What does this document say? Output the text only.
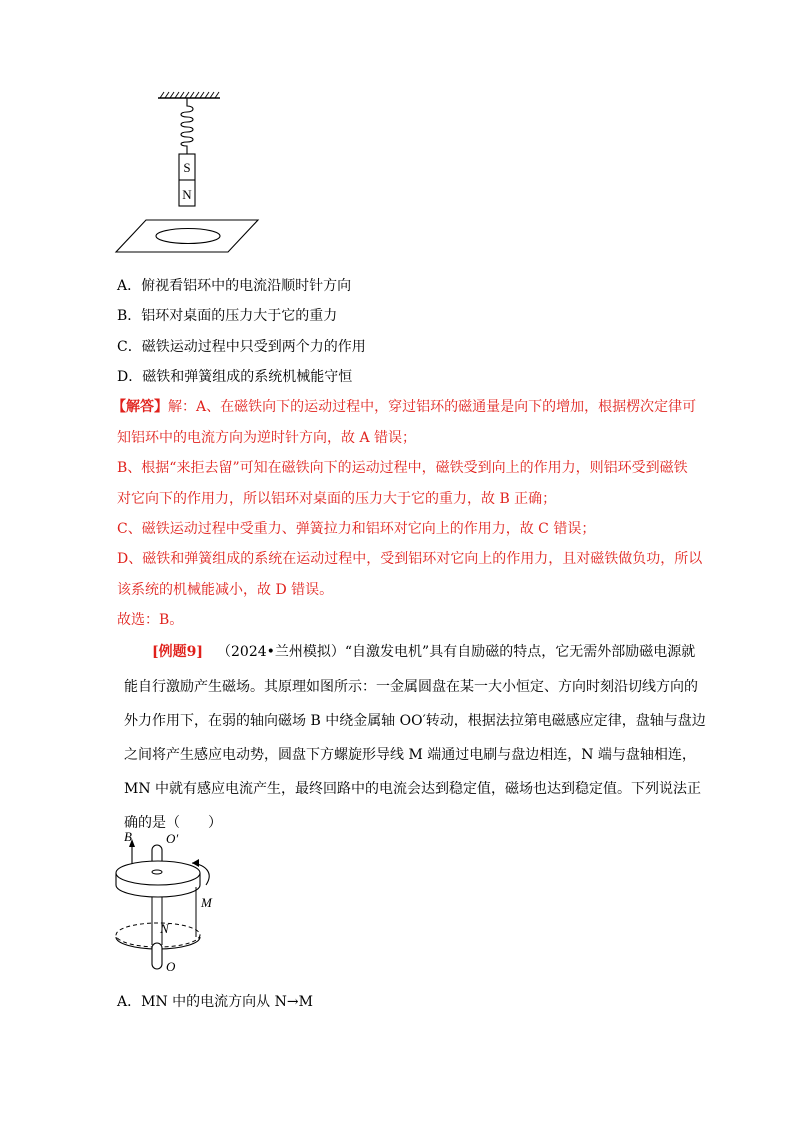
S
N
A．俯视看铝环中的电流沿顺时针方向
B．铝环对桌面的压力大于它的重力
C．磁铁运动过程中只受到两个力的作用
D．磁铁和弹簧组成的系统机械能守恒
【解答】解：A、在磁铁向下的运动过程中，穿过铝环的磁通量是向下的增加，根据楞次定律可
知铝环中的电流方向为逆时针方向，故 A 错误；
B、根据“来拒去留”可知在磁铁向下的运动过程中，磁铁受到向上的作用力，则铝环受到磁铁
对它向下的作用力，所以铝环对桌面的压力大于它的重力，故 B 正确；
C、磁铁运动过程中受重力、弹簧拉力和铝环对它向上的作用力，故 C 错误；
D、磁铁和弹簧组成的系统在运动过程中，受到铝环对它向上的作用力，且对磁铁做负功，所以
该系统的机械能减小，故 D 错误。
故选：B。
[例题9] （2024•兰州模拟）“自激发电机”具有自励磁的特点，它无需外部励磁电源就
能自行激励产生磁场。其原理如图所示：一金属圆盘在某一大小恒定、方向时刻沿切线方向的
外力作用下，在弱的轴向磁场 B 中绕金属轴 OO′转动，根据法拉第电磁感应定律，盘轴与盘边
之间将产生感应电动势，圆盘下方螺旋形导线 M 端通过电刷与盘边相连，N 端与盘轴相连，
MN 中就有感应电流产生，最终回路中的电流会达到稳定值，磁场也达到稳定值。下列说法正
确的是（　　）
B	O′
M
N
O
A．MN 中的电流方向从 N→M
